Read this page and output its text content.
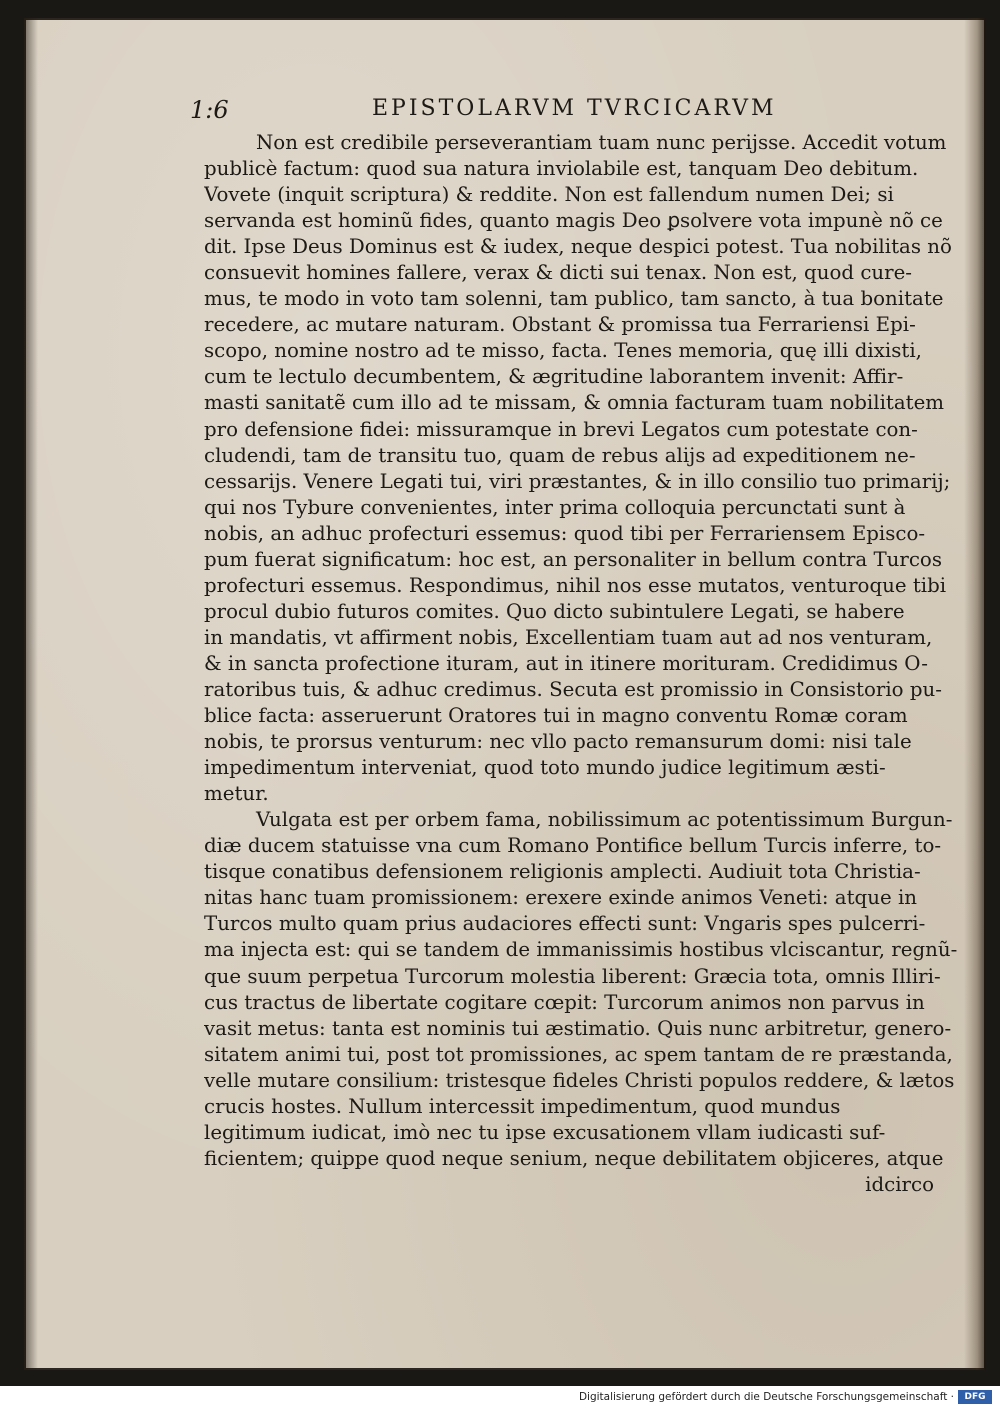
1:6	EPISTOLARVM TVRCICARVM
Non est credibile perseverantiam tuam nunc perijsse. Accedit votum
publicè factum: quod sua natura inviolabile est, tanquam Deo debitum.
Vovete (inquit scriptura) & reddite. Non est fallendum numen Dei; si
servanda est hominũ fides, quanto magis Deo ꝑsolvere vota impunè nõ ce
dit. Ipse Deus Dominus est & iudex, neque despici potest. Tua nobilitas nõ
consuevit homines fallere, verax & dicti sui tenax. Non est, quod cure-
mus, te modo in voto tam solenni, tam publico, tam sancto, à tua bonitate
recedere, ac mutare naturam. Obstant & promissa tua Ferrariensi Epi-
scopo, nomine nostro ad te misso, facta. Tenes memoria, quę illi dixisti,
cum te lectulo decumbentem, & ægritudine laborantem invenit: Affir-
masti sanitatẽ cum illo ad te missam, & omnia facturam tuam nobilitatem
pro defensione fidei: missuramque in brevi Legatos cum potestate con-
cludendi, tam de transitu tuo, quam de rebus alijs ad expeditionem ne-
cessarijs. Venere Legati tui, viri præstantes, & in illo consilio tuo primarij;
qui nos Tybure convenientes, inter prima colloquia percunctati sunt à
nobis, an adhuc profecturi essemus: quod tibi per Ferrariensem Episco-
pum fuerat significatum: hoc est, an personaliter in bellum contra Turcos
profecturi essemus. Respondimus, nihil nos esse mutatos, venturoque tibi
procul dubio futuros comites. Quo dicto subintulere Legati, se habere
in mandatis, vt affirment nobis, Excellentiam tuam aut ad nos venturam,
& in sancta profectione ituram, aut in itinere morituram. Credidimus O-
ratoribus tuis, & adhuc credimus. Secuta est promissio in Consistorio pu-
blice facta: asseruerunt Oratores tui in magno conventu Romæ coram
nobis, te prorsus venturum: nec vllo pacto remansurum domi: nisi tale
impedimentum interveniat, quod toto mundo judice legitimum æsti-
metur.
Vulgata est per orbem fama, nobilissimum ac potentissimum Burgun-
diæ ducem statuisse vna cum Romano Pontifice bellum Turcis inferre, to-
tisque conatibus defensionem religionis amplecti. Audiuit tota Christia-
nitas hanc tuam promissionem: erexere exinde animos Veneti: atque in
Turcos multo quam prius audaciores effecti sunt: Vngaris spes pulcerri-
ma injecta est: qui se tandem de immanissimis hostibus vlciscantur, regnũ-
que suum perpetua Turcorum molestia liberent: Græcia tota, omnis Illiri-
cus tractus de libertate cogitare cœpit: Turcorum animos non parvus in
vasit metus: tanta est nominis tui æstimatio. Quis nunc arbitretur, genero-
sitatem animi tui, post tot promissiones, ac spem tantam de re præstanda,
velle mutare consilium: tristesque fideles Christi populos reddere, & lætos
crucis hostes. Nullum intercessit impedimentum, quod mundus
legitimum iudicat, imò nec tu ipse excusationem vllam iudicasti suf-
ficientem; quippe quod neque senium, neque debilitatem objiceres, atque
idcirco
Digitalisierung gefördert durch die Deutsche Forschungsgemeinschaft ·	DFG
